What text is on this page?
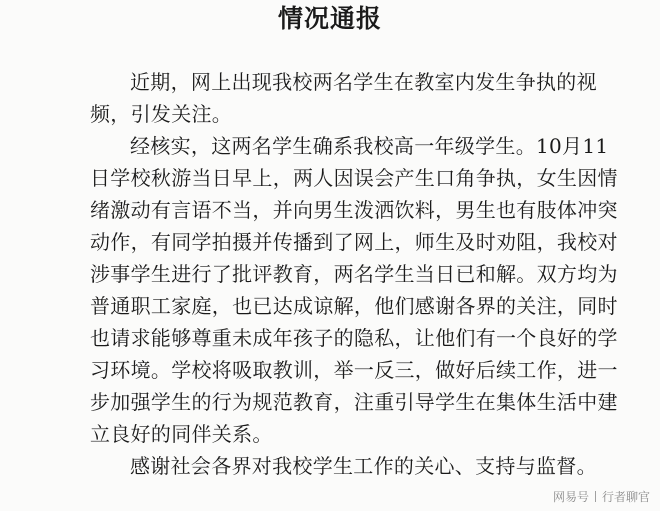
情况通报
近期，网上出现我校两名学生在教室内发生争执的视
频，引发关注。
经核实，这两名学生确系我校高一年级学生。10月11
日学校秋游当日早上，两人因误会产生口角争执，女生因情
绪激动有言语不当，并向男生泼洒饮料，男生也有肢体冲突
动作，有同学拍摄并传播到了网上，师生及时劝阻，我校对
涉事学生进行了批评教育，两名学生当日已和解。双方均为
普通职工家庭，也已达成谅解，他们感谢各界的关注，同时
也请求能够尊重未成年孩子的隐私，让他们有一个良好的学
习环境。学校将吸取教训，举一反三，做好后续工作，进一
步加强学生的行为规范教育，注重引导学生在集体生活中建
立良好的同伴关系。
感谢社会各界对我校学生工作的关心、支持与监督。
网易号 行者聊官
